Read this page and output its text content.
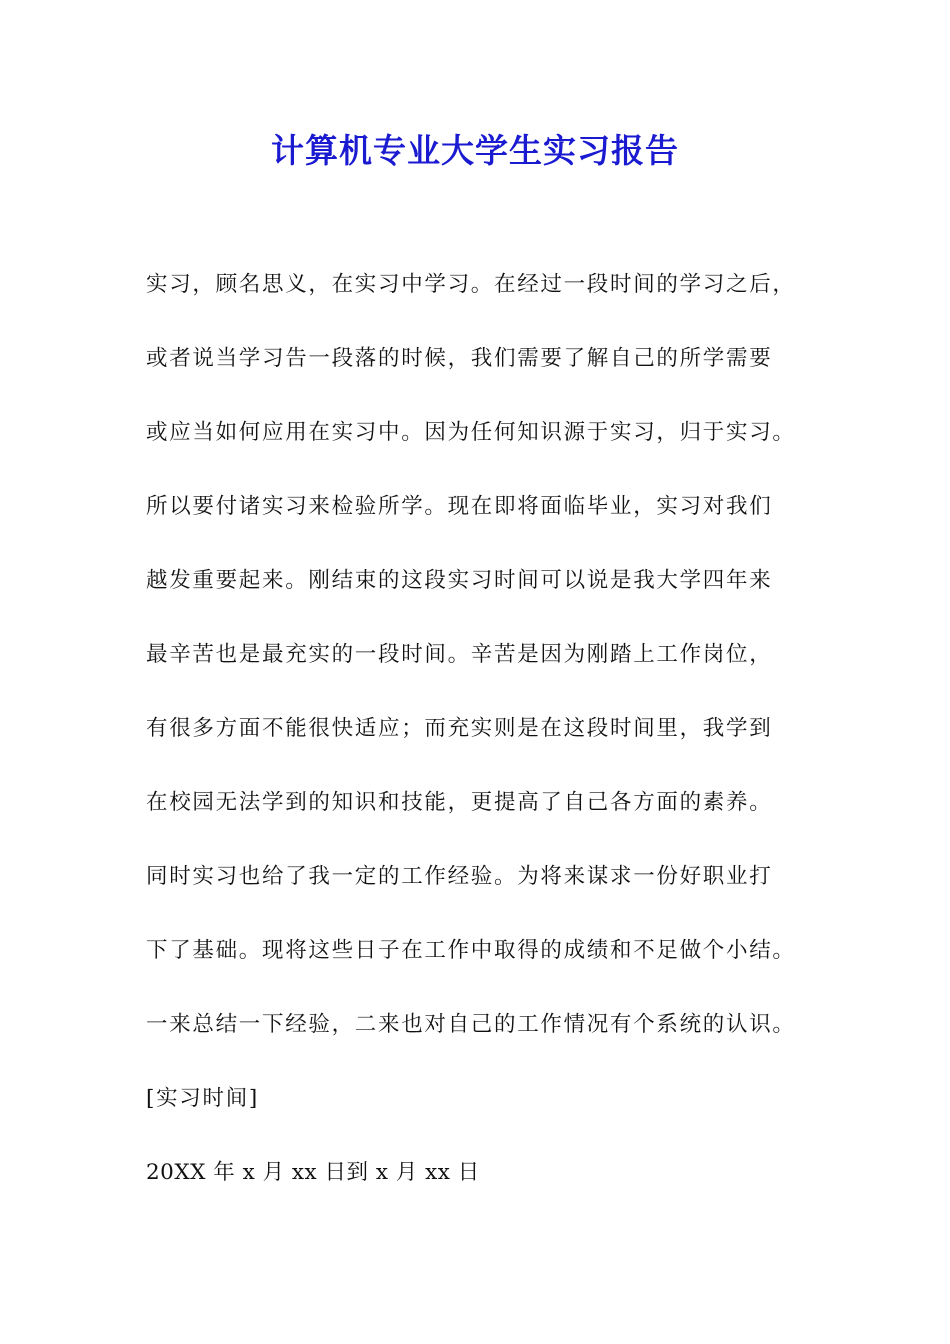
计算机专业大学生实习报告
实习，顾名思义，在实习中学习。在经过一段时间的学习之后，
或者说当学习告一段落的时候，我们需要了解自己的所学需要
或应当如何应用在实习中。因为任何知识源于实习，归于实习。
所以要付诸实习来检验所学。现在即将面临毕业，实习对我们
越发重要起来。刚结束的这段实习时间可以说是我大学四年来
最辛苦也是最充实的一段时间。辛苦是因为刚踏上工作岗位，
有很多方面不能很快适应；而充实则是在这段时间里，我学到
在校园无法学到的知识和技能，更提高了自己各方面的素养。
同时实习也给了我一定的工作经验。为将来谋求一份好职业打
下了基础。现将这些日子在工作中取得的成绩和不足做个小结。
一来总结一下经验，二来也对自己的工作情况有个系统的认识。
[实习时间]
20XX 年 x 月 xx 日到 x 月 xx 日
